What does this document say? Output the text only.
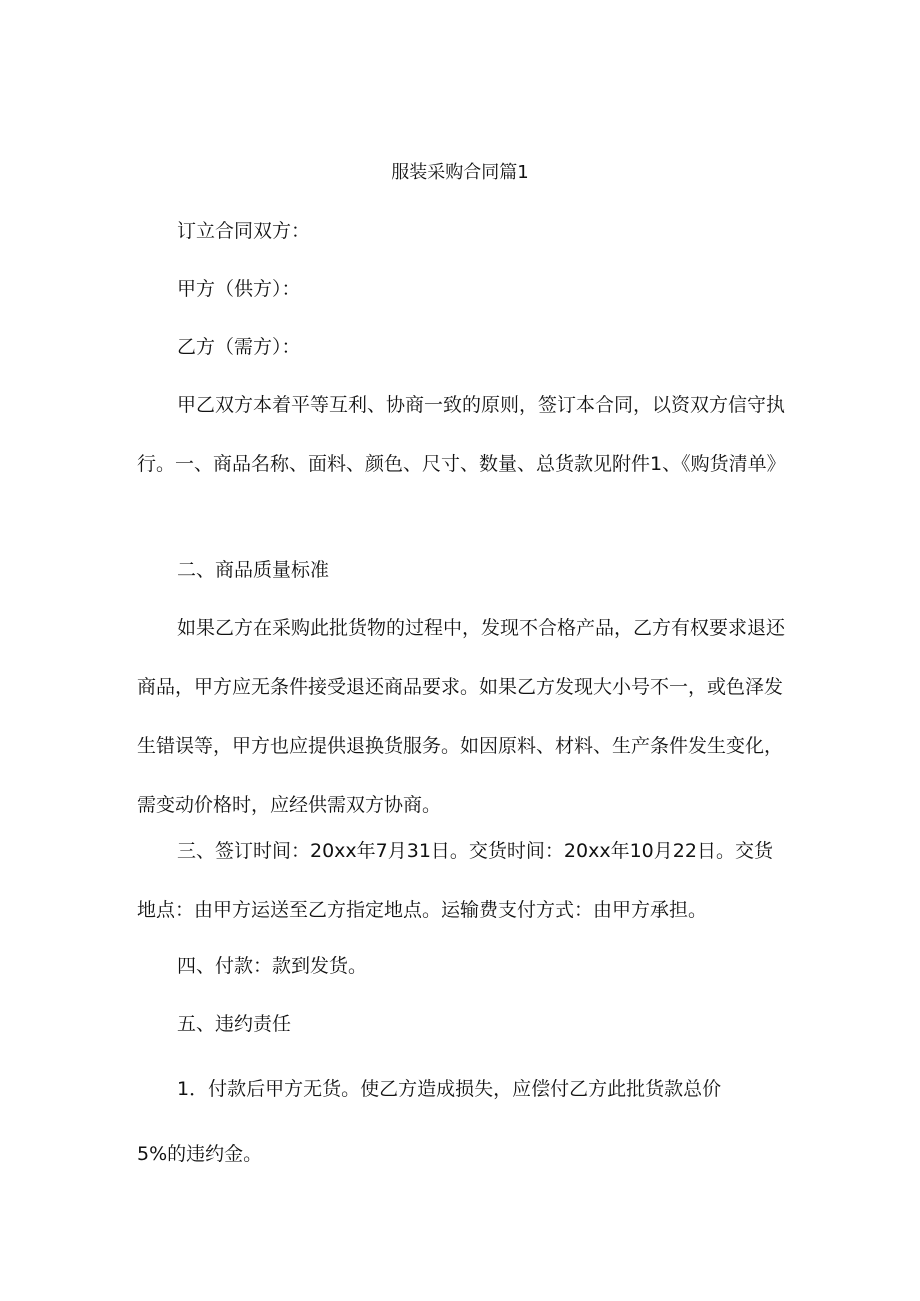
服装采购合同篇1

订立合同双方：

甲方（供方）：

乙方（需方）：

甲乙双方本着平等互利、协商一致的原则，签订本合同，以资双方信守执行。一、商品名称、面料、颜色、尺寸、数量、总货款见附件1、《购货清单》

二、商品质量标准

如果乙方在采购此批货物的过程中，发现不合格产品，乙方有权要求退还商品，甲方应无条件接受退还商品要求。如果乙方发现大小号不一，或色泽发生错误等，甲方也应提供退换货服务。如因原料、材料、生产条件发生变化，需变动价格时，应经供需双方协商。

三、签订时间：20xx年7月31日。交货时间：20xx年10月22日。交货地点：由甲方运送至乙方指定地点。运输费支付方式：由甲方承担。

四、付款：款到发货。

五、违约责任

1．付款后甲方无货。使乙方造成损失，应偿付乙方此批货款总价

5%的违约金。
